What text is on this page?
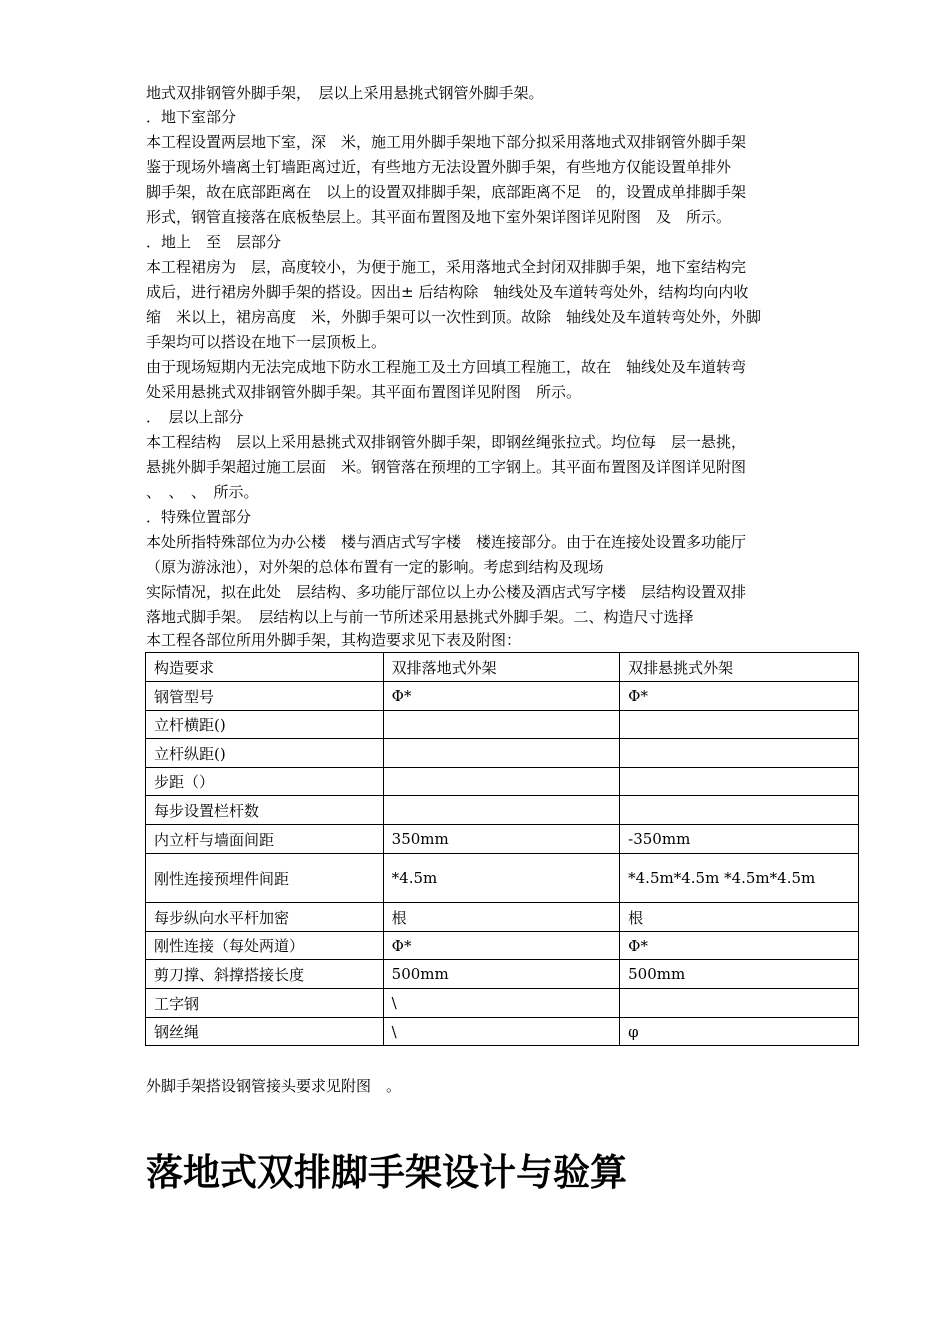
地式双排钢管外脚手架，　层以上采用悬挑式钢管外脚手架。
．地下室部分
本工程设置两层地下室，深　米，施工用外脚手架地下部分拟采用落地式双排钢管外脚手架
鉴于现场外墙离土钉墙距离过近，有些地方无法设置外脚手架，有些地方仅能设置单排外
脚手架，故在底部距离在　以上的设置双排脚手架，底部距离不足　的，设置成单排脚手架
形式，钢管直接落在底板垫层上。其平面布置图及地下室外架详图详见附图　及　所示。
．地上　至　层部分
本工程裙房为　层，高度较小，为便于施工，采用落地式全封闭双排脚手架，地下室结构完
成后，进行裙房外脚手架的搭设。因出± 后结构除　轴线处及车道转弯处外，结构均向内收
缩　米以上，裙房高度　米，外脚手架可以一次性到顶。故除　轴线处及车道转弯处外，外脚
手架均可以搭设在地下一层顶板上。
由于现场短期内无法完成地下防水工程施工及土方回填工程施工，故在　轴线处及车道转弯
处采用悬挑式双排钢管外脚手架。其平面布置图详见附图　所示。
．　层以上部分
本工程结构　层以上采用悬挑式双排钢管外脚手架，即钢丝绳张拉式。均位每　层一悬挑，
悬挑外脚手架超过施工层面　米。钢管落在预埋的工字钢上。其平面布置图及详图详见附图
、　、　、　所示。
．特殊位置部分
本处所指特殊部位为办公楼　楼与酒店式写字楼　楼连接部分。由于在连接处设置多功能厅
（原为游泳池），对外架的总体布置有一定的影响。考虑到结构及现场
实际情况，拟在此处　层结构、多功能厅部位以上办公楼及酒店式写字楼　层结构设置双排
落地式脚手架。　层结构以上与前一节所述采用悬挑式外脚手架。二、构造尺寸选择
本工程各部位所用外脚手架，其构造要求见下表及附图：
构造要求	双排落地式外架	双排悬挑式外架
钢管型号	Φ*	Φ*
立杆横距()		
立杆纵距()		
步距（）		
每步设置栏杆数		
内立杆与墙面间距	350mm	-350mm
刚性连接预埋件间距	*4.5m	*4.5m*4.5m *4.5m*4.5m
每步纵向水平杆加密	根	根
刚性连接（每处两道）	Φ*	Φ*
剪刀撑、斜撑搭接长度	500mm	500mm
工字钢	\	
钢丝绳	\	φ
外脚手架搭设钢管接头要求见附图　。
落地式双排脚手架设计与验算
